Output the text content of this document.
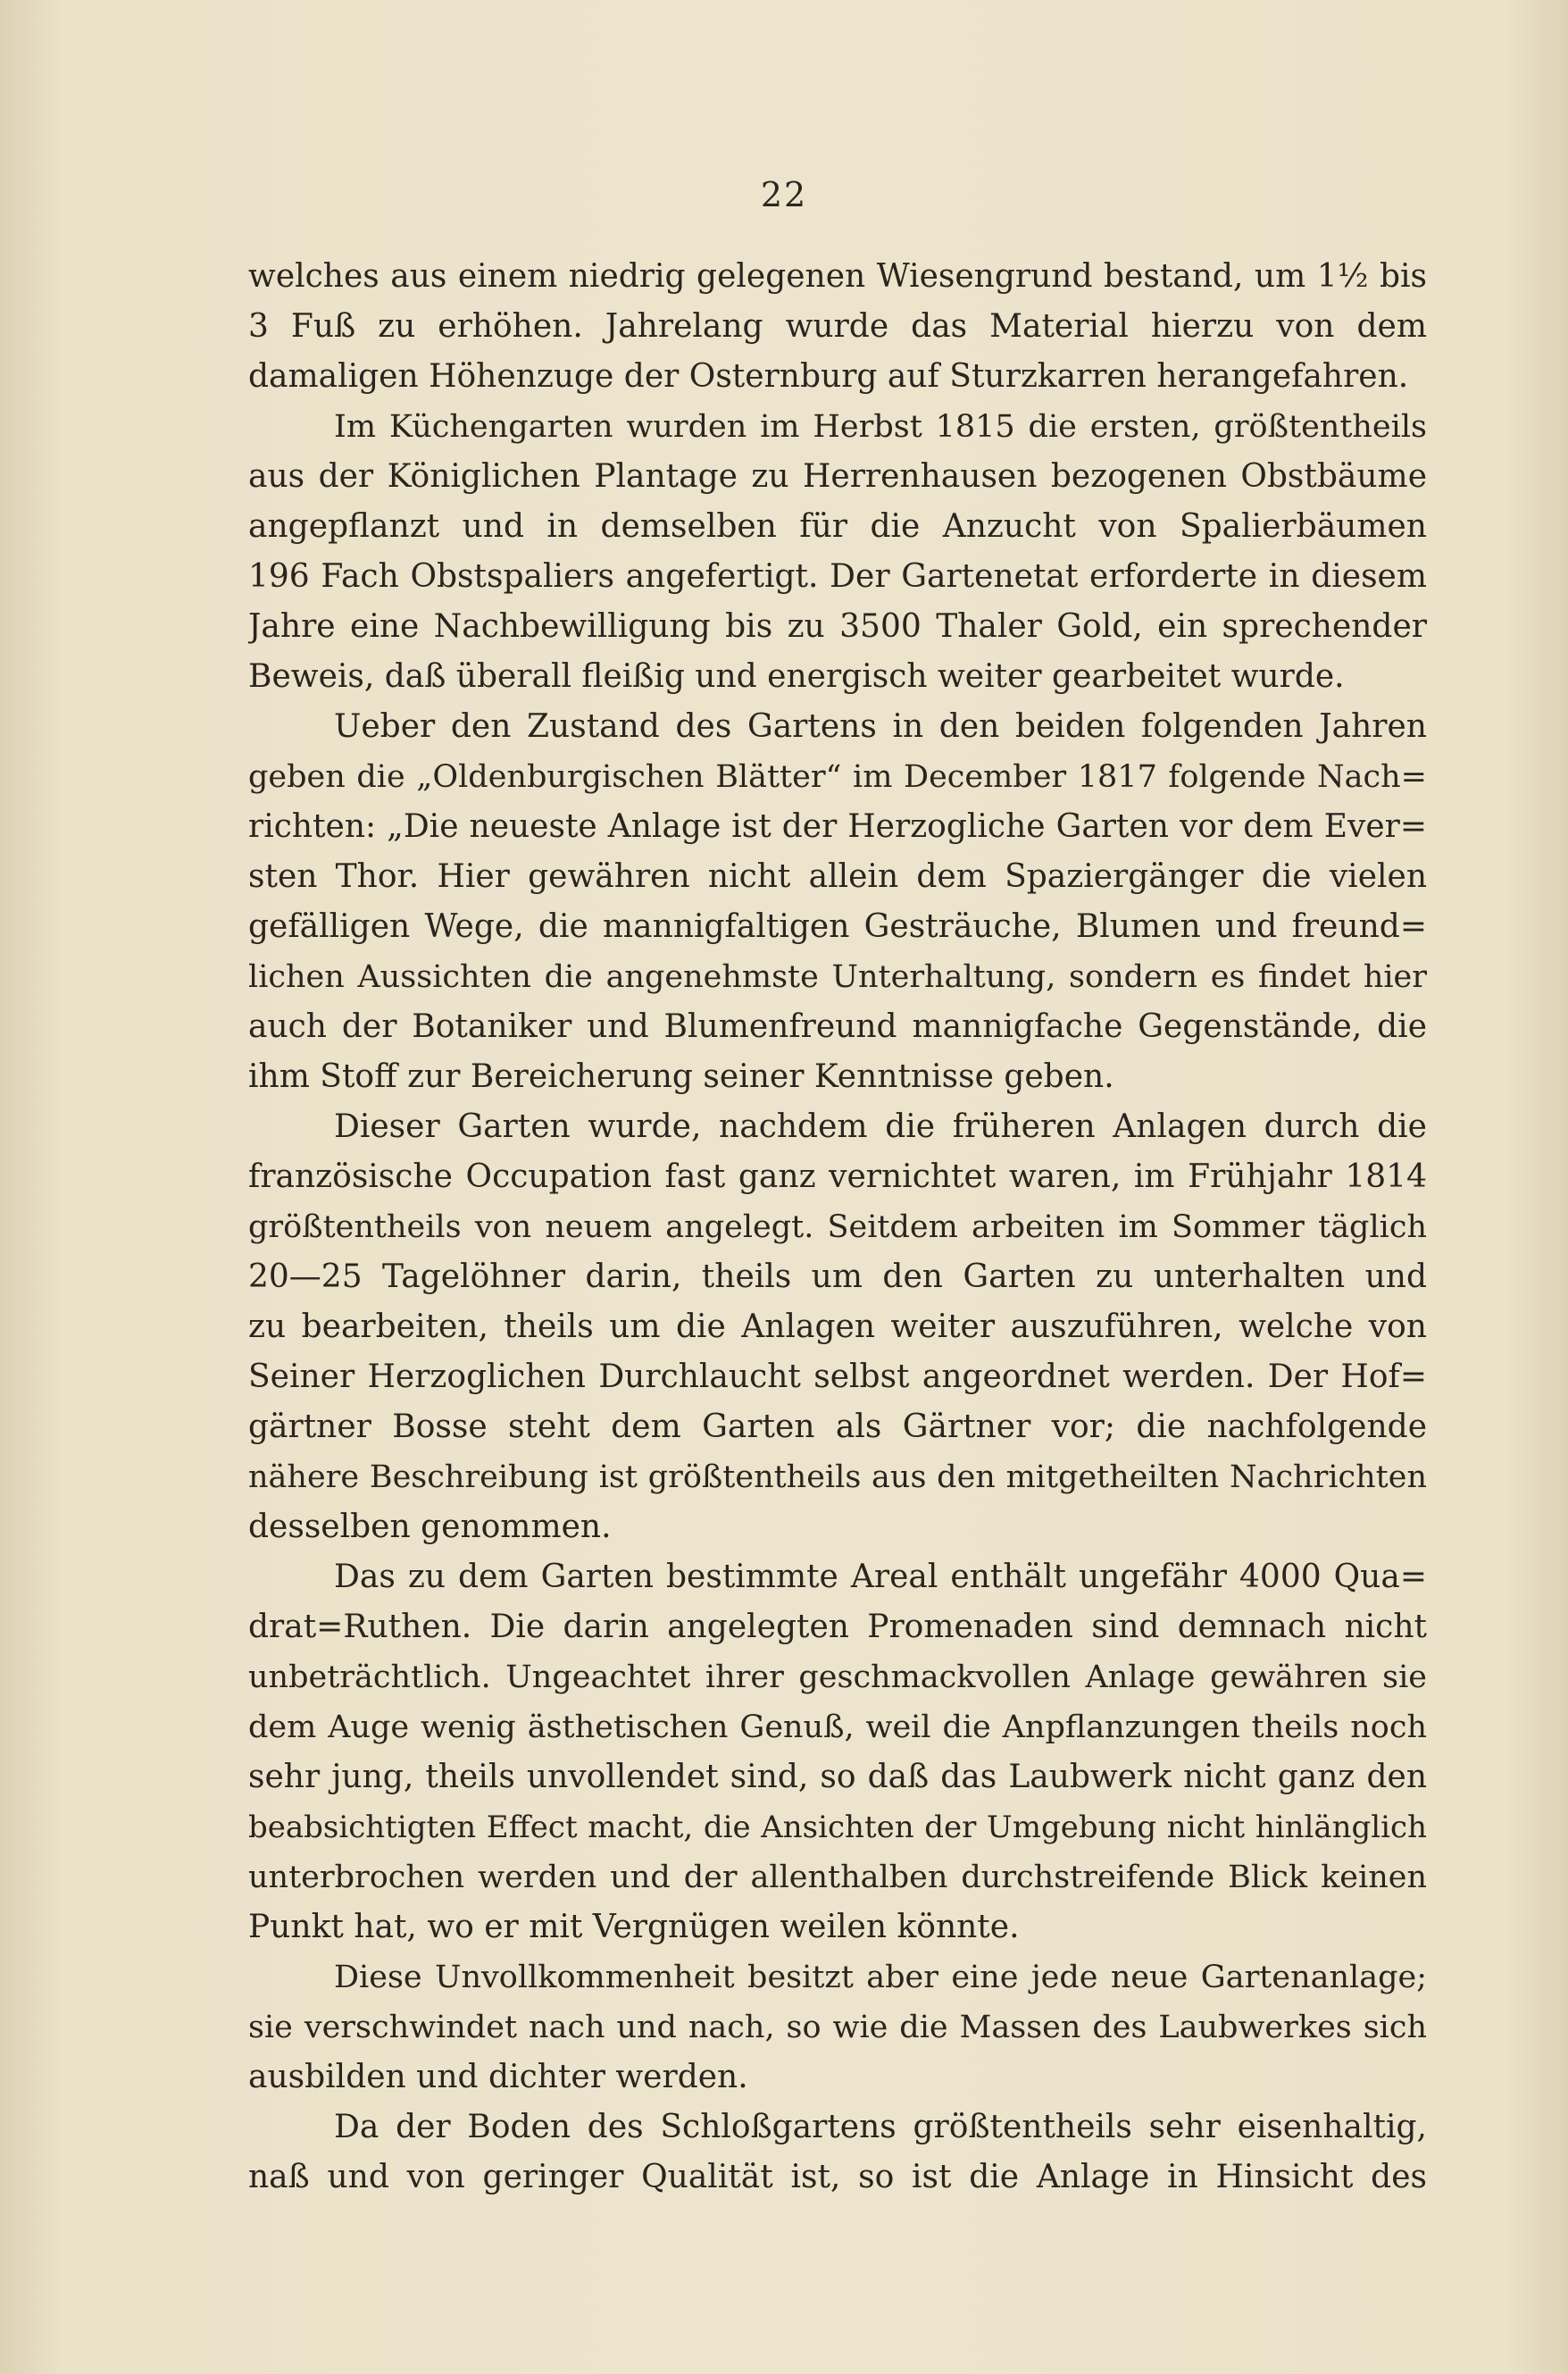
22
welches aus einem niedrig gelegenen Wiesengrund bestand, um 1½ bis
3 Fuß zu erhöhen. Jahrelang wurde das Material hierzu von dem
damaligen Höhenzuge der Osternburg auf Sturzkarren herangefahren.
Im Küchengarten wurden im Herbst 1815 die ersten, größtentheils
aus der Königlichen Plantage zu Herrenhausen bezogenen Obstbäume
angepflanzt und in demselben für die Anzucht von Spalierbäumen
196 Fach Obstspaliers angefertigt. Der Gartenetat erforderte in diesem
Jahre eine Nachbewilligung bis zu 3500 Thaler Gold, ein sprechender
Beweis, daß überall fleißig und energisch weiter gearbeitet wurde.
Ueber den Zustand des Gartens in den beiden folgenden Jahren
geben die „Oldenburgischen Blätter“ im December 1817 folgende Nach=
richten: „Die neueste Anlage ist der Herzogliche Garten vor dem Ever=
sten Thor. Hier gewähren nicht allein dem Spaziergänger die vielen
gefälligen Wege, die mannigfaltigen Gesträuche, Blumen und freund=
lichen Aussichten die angenehmste Unterhaltung, sondern es findet hier
auch der Botaniker und Blumenfreund mannigfache Gegenstände, die
ihm Stoff zur Bereicherung seiner Kenntnisse geben.
Dieser Garten wurde, nachdem die früheren Anlagen durch die
französische Occupation fast ganz vernichtet waren, im Frühjahr 1814
größtentheils von neuem angelegt. Seitdem arbeiten im Sommer täglich
20—25 Tagelöhner darin, theils um den Garten zu unterhalten und
zu bearbeiten, theils um die Anlagen weiter auszuführen, welche von
Seiner Herzoglichen Durchlaucht selbst angeordnet werden. Der Hof=
gärtner Bosse steht dem Garten als Gärtner vor; die nachfolgende
nähere Beschreibung ist größtentheils aus den mitgetheilten Nachrichten
desselben genommen.
Das zu dem Garten bestimmte Areal enthält ungefähr 4000 Qua=
drat=Ruthen. Die darin angelegten Promenaden sind demnach nicht
unbeträchtlich. Ungeachtet ihrer geschmackvollen Anlage gewähren sie
dem Auge wenig ästhetischen Genuß, weil die Anpflanzungen theils noch
sehr jung, theils unvollendet sind, so daß das Laubwerk nicht ganz den
beabsichtigten Effect macht, die Ansichten der Umgebung nicht hinlänglich
unterbrochen werden und der allenthalben durchstreifende Blick keinen
Punkt hat, wo er mit Vergnügen weilen könnte.
Diese Unvollkommenheit besitzt aber eine jede neue Gartenanlage;
sie verschwindet nach und nach, so wie die Massen des Laubwerkes sich
ausbilden und dichter werden.
Da der Boden des Schloßgartens größtentheils sehr eisenhaltig,
naß und von geringer Qualität ist, so ist die Anlage in Hinsicht des
